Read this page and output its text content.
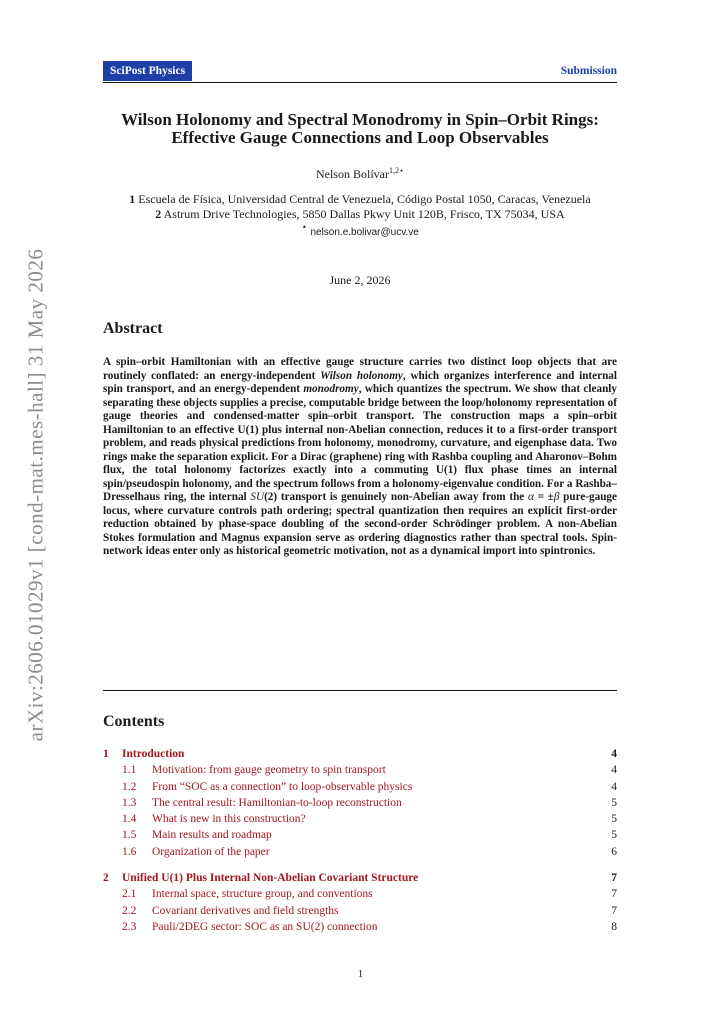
arXiv:2606.01029v1 [cond-mat.mes-hall] 31 May 2026
SciPost Physics	Submission
Wilson Holonomy and Spectral Monodromy in Spin–Orbit Rings:
Effective Gauge Connections and Loop Observables
Nelson Bolívar$^{1,2⋆}$
1 Escuela de Física, Universidad Central de Venezuela, Código Postal 1050, Caracas, Venezuela
2 Astrum Drive Technologies, 5850 Dallas Pkwy Unit 120B, Frisco, TX 75034, USA
⋆ nelson.e.bolivar@ucv.ve
June 2, 2026
Abstract
A spin–orbit Hamiltonian with an effective gauge structure carries two distinct loop objects that are routinely conflated: an energy-independent Wilson holonomy, which organizes interference and internal spin transport, and an energy-dependent monodromy, which quantizes the spectrum. We show that cleanly separating these objects supplies a precise, computable bridge between the loop/holonomy representation of gauge theories and condensed-matter spin–orbit transport. The construction maps a spin–orbit Hamiltonian to an effective U(1) plus internal non-Abelian connection, reduces it to a first-order transport problem, and reads physical predictions from holonomy, monodromy, curvature, and eigenphase data. Two rings make the separation explicit. For a Dirac (graphene) ring with Rashba coupling and Aharonov–Bohm flux, the total holonomy factorizes exactly into a commuting U(1) flux phase times an internal spin/pseudospin holonomy, and the spectrum follows from a holonomy-eigenvalue condition. For a Rashba–Dresselhaus ring, the internal SU(2) transport is genuinely non-Abelian away from the α = ±β pure-gauge locus, where curvature controls path ordering; spectral quantization then requires an explicit first-order reduction obtained by phase-space doubling of the second-order Schrödinger problem. A non-Abelian Stokes formulation and Magnus expansion serve as ordering diagnostics rather than spectral tools. Spin-network ideas enter only as historical geometric motivation, not as a dynamical import into spintronics.
Contents
1 Introduction	4
1.1 Motivation: from gauge geometry to spin transport	4
1.2 From “SOC as a connection” to loop-observable physics	4
1.3 The central result: Hamiltonian-to-loop reconstruction	5
1.4 What is new in this construction?	5
1.5 Main results and roadmap	5
1.6 Organization of the paper	6
2 Unified U(1) Plus Internal Non-Abelian Covariant Structure	7
2.1 Internal space, structure group, and conventions	7
2.2 Covariant derivatives and field strengths	7
2.3 Pauli/2DEG sector: SOC as an SU(2) connection	8
1
